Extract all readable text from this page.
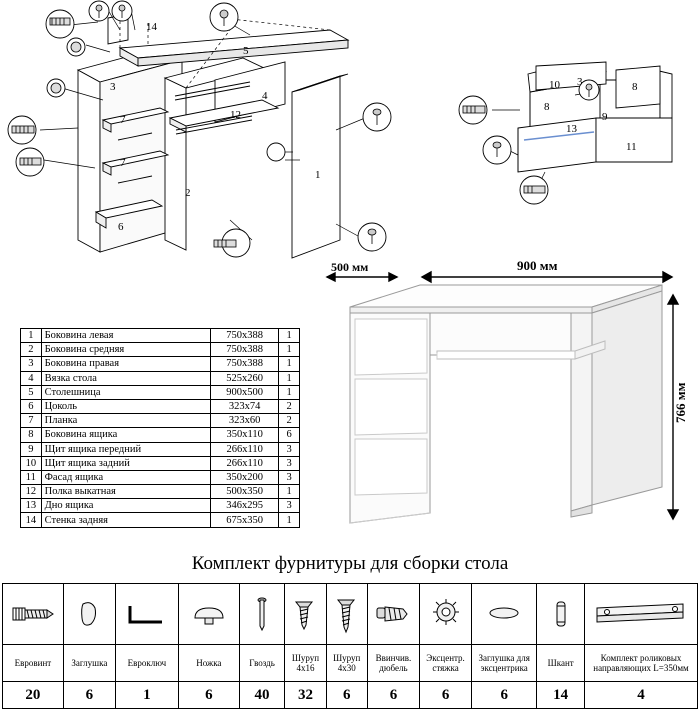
14
5
4
3
7
7
12
1
2
6
10 3	8
8
9
13
11
1	Боковина левая	750х388	1
2	Боковина средняя	750х388	1
3	Боковина правая	750х388	1
4	Вязка стола	525х260	1
5	Столешница	900х500	1
6	Цоколь	323х74	2
7	Планка	323х60	2
8	Боковина ящика	350х110	6
9	Щит ящика передний	266х110	3
10	Щит ящика задний	266х110	3
11	Фасад ящика	350х200	3
12	Полка выкатная	500х350	1
13	Дно ящика	346х295	3
14	Стенка задняя	675х350	1
500 мм	900 мм
766 мм
Комплект фурнитуры для сборки стола

Евровинт	Заглушка	Евроключ	Ножка	Гвоздь	Шуруп 4х16	Шуруп 4х30	Ввинчив. дюбель	Эксцентр. стяжка	Заглушка для эксцентрика	Шкант	Комплект роликовых направляющих L=350мм
20	6	1	6	40	32	6	6	6	6	14	4
